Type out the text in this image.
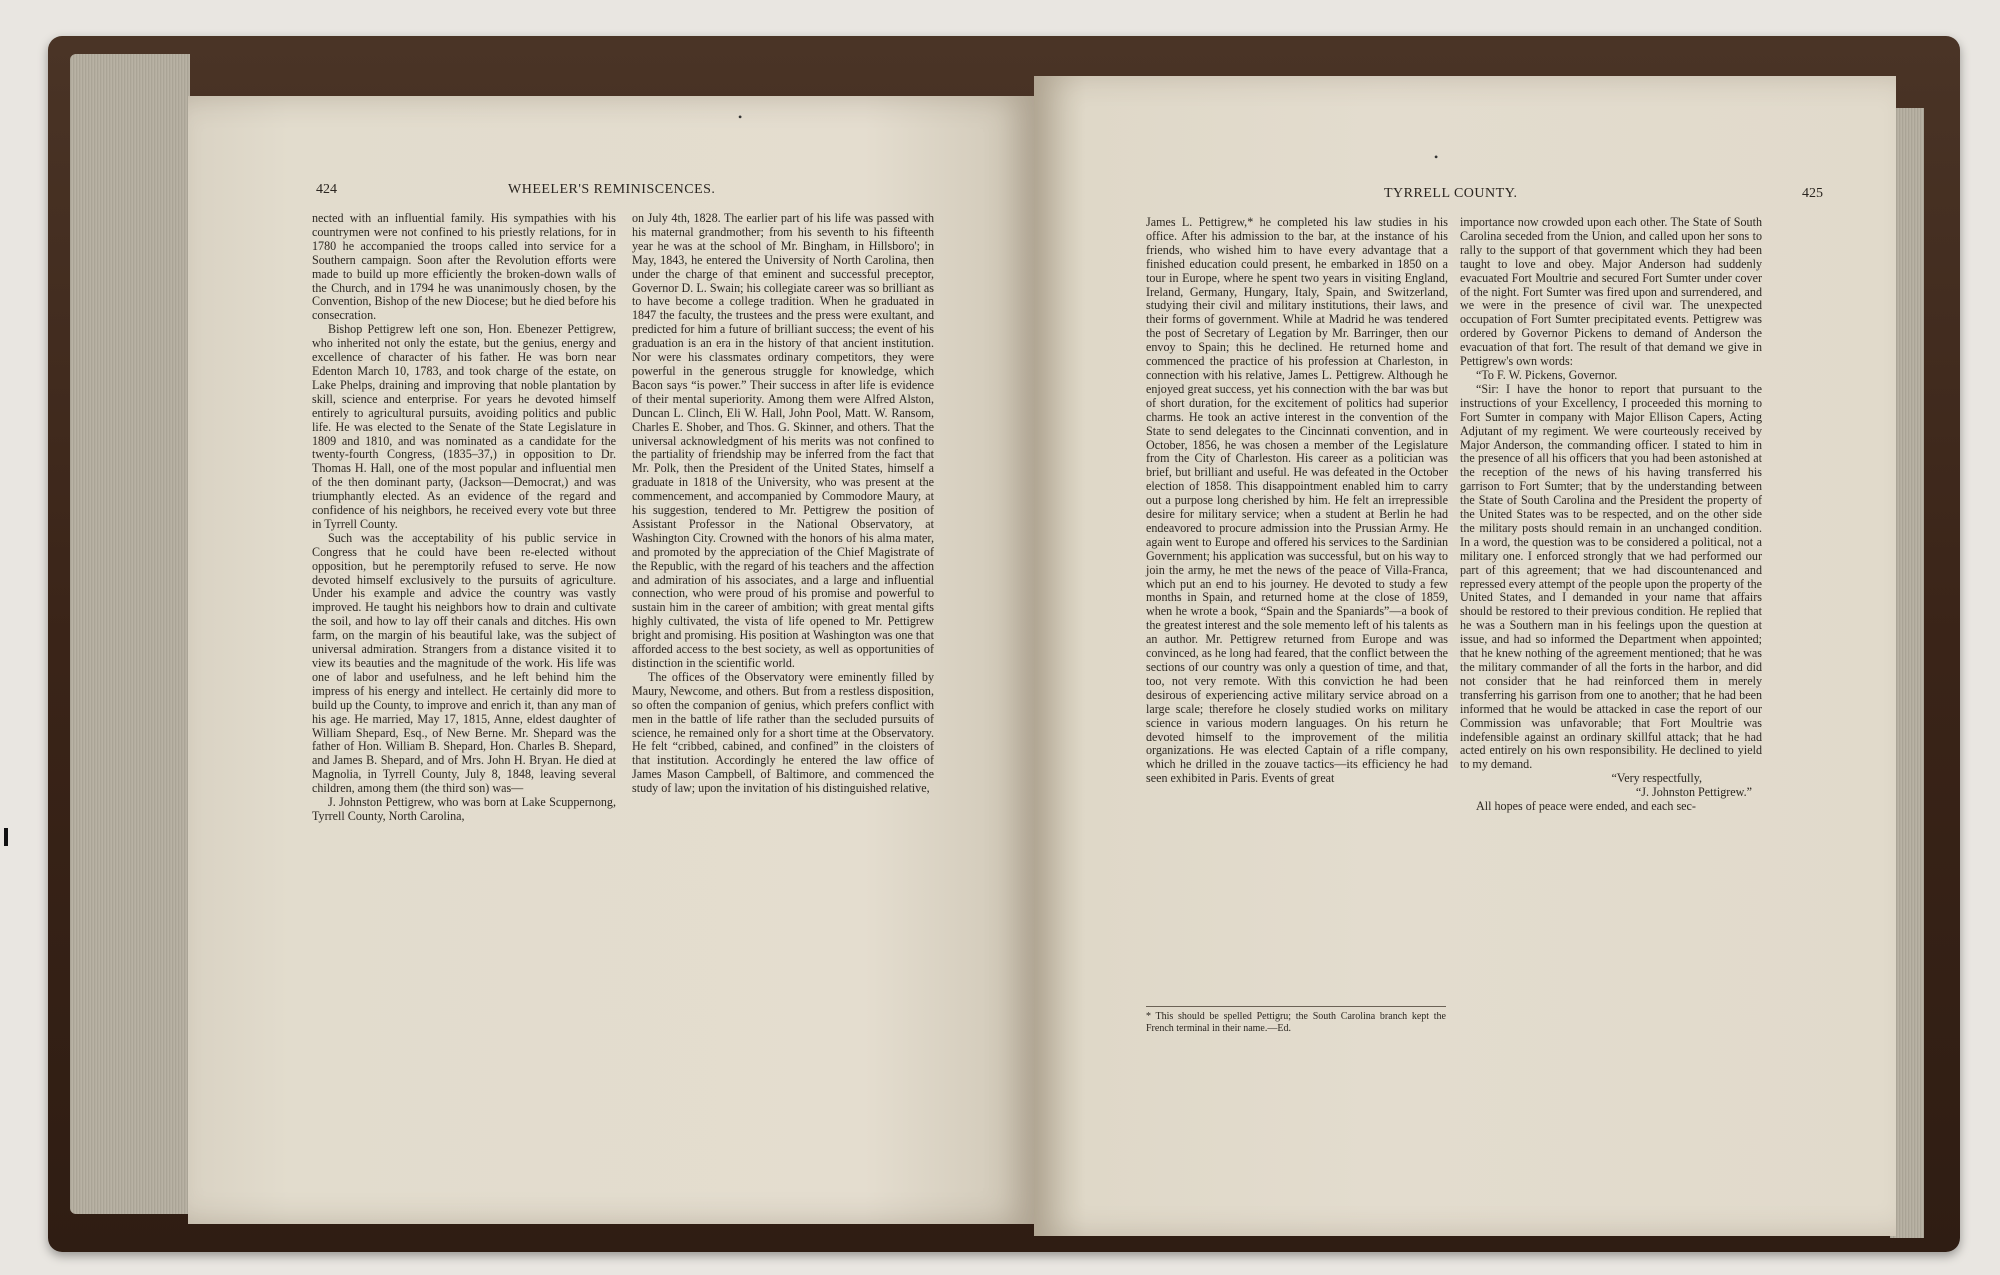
•
424	WHEELER'S REMINISCENCES.

nected with an influential family. His sympathies with his countrymen were not confined to his priestly relations, for in 1780 he accompanied the troops called into service for a Southern campaign. Soon after the Revolution efforts were made to build up more efficiently the broken-down walls of the Church, and in 1794 he was unanimously chosen, by the Convention, Bishop of the new Diocese; but he died before his consecration.

Bishop Pettigrew left one son, Hon. Ebenezer Pettigrew, who inherited not only the estate, but the genius, energy and excellence of character of his father. He was born near Edenton March 10, 1783, and took charge of the estate, on Lake Phelps, draining and improving that noble plantation by skill, science and enterprise. For years he devoted himself entirely to agricultural pursuits, avoiding politics and public life. He was elected to the Senate of the State Legislature in 1809 and 1810, and was nominated as a candidate for the twenty-fourth Congress, (1835–37,) in opposition to Dr. Thomas H. Hall, one of the most popular and influential men of the then dominant party, (Jackson—Democrat,) and was triumphantly elected. As an evidence of the regard and confidence of his neighbors, he received every vote but three in Tyrrell County.

Such was the acceptability of his public service in Congress that he could have been re-elected without opposition, but he peremptorily refused to serve. He now devoted himself exclusively to the pursuits of agriculture. Under his example and advice the country was vastly improved. He taught his neighbors how to drain and cultivate the soil, and how to lay off their canals and ditches. His own farm, on the margin of his beautiful lake, was the subject of universal admiration. Strangers from a distance visited it to view its beauties and the magnitude of the work. His life was one of labor and usefulness, and he left behind him the impress of his energy and intellect. He certainly did more to build up the County, to improve and enrich it, than any man of his age. He married, May 17, 1815, Anne, eldest daughter of William Shepard, Esq., of New Berne. Mr. Shepard was the father of Hon. William B. Shepard, Hon. Charles B. Shepard, and James B. Shepard, and of Mrs. John H. Bryan. He died at Magnolia, in Tyrrell County, July 8, 1848, leaving several children, among them (the third son) was—

J. Johnston Pettigrew, who was born at Lake Scuppernong, Tyrrell County, North Carolina,

on July 4th, 1828. The earlier part of his life was passed with his maternal grandmother; from his seventh to his fifteenth year he was at the school of Mr. Bingham, in Hillsboro'; in May, 1843, he entered the University of North Carolina, then under the charge of that eminent and successful preceptor, Governor D. L. Swain; his collegiate career was so brilliant as to have become a college tradition. When he graduated in 1847 the faculty, the trustees and the press were exultant, and predicted for him a future of brilliant success; the event of his graduation is an era in the history of that ancient institution. Nor were his classmates ordinary competitors, they were powerful in the generous struggle for knowledge, which Bacon says “is power.” Their success in after life is evidence of their mental superiority. Among them were Alfred Alston, Duncan L. Clinch, Eli W. Hall, John Pool, Matt. W. Ransom, Charles E. Shober, and Thos. G. Skinner, and others. That the universal acknowledgment of his merits was not confined to the partiality of friendship may be inferred from the fact that Mr. Polk, then the President of the United States, himself a graduate in 1818 of the University, who was present at the commencement, and accompanied by Commodore Maury, at his suggestion, tendered to Mr. Pettigrew the position of Assistant Professor in the National Observatory, at Washington City. Crowned with the honors of his alma mater, and promoted by the appreciation of the Chief Magistrate of the Republic, with the regard of his teachers and the affection and admiration of his associates, and a large and influential connection, who were proud of his promise and powerful to sustain him in the career of ambition; with great mental gifts highly cultivated, the vista of life opened to Mr. Pettigrew bright and promising. His position at Washington was one that afforded access to the best society, as well as opportunities of distinction in the scientific world.

The offices of the Observatory were eminently filled by Maury, Newcome, and others. But from a restless disposition, so often the companion of genius, which prefers conflict with men in the battle of life rather than the secluded pursuits of science, he remained only for a short time at the Observatory. He felt “cribbed, cabined, and confined” in the cloisters of that institution. Accordingly he entered the law office of James Mason Campbell, of Baltimore, and commenced the study of law; upon the invitation of his distinguished relative,

•
TYRRELL COUNTY.	425

James L. Pettigrew,* he completed his law studies in his office. After his admission to the bar, at the instance of his friends, who wished him to have every advantage that a finished education could present, he embarked in 1850 on a tour in Europe, where he spent two years in visiting England, Ireland, Germany, Hungary, Italy, Spain, and Switzerland, studying their civil and military institutions, their laws, and their forms of government. While at Madrid he was tendered the post of Secretary of Legation by Mr. Barringer, then our envoy to Spain; this he declined. He returned home and commenced the practice of his profession at Charleston, in connection with his relative, James L. Pettigrew. Although he enjoyed great success, yet his connection with the bar was but of short duration, for the excitement of politics had superior charms. He took an active interest in the convention of the State to send delegates to the Cincinnati convention, and in October, 1856, he was chosen a member of the Legislature from the City of Charleston. His career as a politician was brief, but brilliant and useful. He was defeated in the October election of 1858. This disappointment enabled him to carry out a purpose long cherished by him. He felt an irrepressible desire for military service; when a student at Berlin he had endeavored to procure admission into the Prussian Army. He again went to Europe and offered his services to the Sardinian Government; his application was successful, but on his way to join the army, he met the news of the peace of Villa-Franca, which put an end to his journey. He devoted to study a few months in Spain, and returned home at the close of 1859, when he wrote a book, “Spain and the Spaniards”—a book of the greatest interest and the sole memento left of his talents as an author. Mr. Pettigrew returned from Europe and was convinced, as he long had feared, that the conflict between the sections of our country was only a question of time, and that, too, not very remote. With this conviction he had been desirous of experiencing active military service abroad on a large scale; therefore he closely studied works on military science in various modern languages. On his return he devoted himself to the improvement of the militia organizations. He was elected Captain of a rifle company, which he drilled in the zouave tactics—its efficiency he had seen exhibited in Paris. Events of great

* This should be spelled Pettigru; the South Carolina branch kept the French terminal in their name.—Ed.

importance now crowded upon each other. The State of South Carolina seceded from the Union, and called upon her sons to rally to the support of that government which they had been taught to love and obey. Major Anderson had suddenly evacuated Fort Moultrie and secured Fort Sumter under cover of the night. Fort Sumter was fired upon and surrendered, and we were in the presence of civil war. The unexpected occupation of Fort Sumter precipitated events. Pettigrew was ordered by Governor Pickens to demand of Anderson the evacuation of that fort. The result of that demand we give in Pettigrew's own words:

“To F. W. Pickens, Governor.

“Sir: I have the honor to report that pursuant to the instructions of your Excellency, I proceeded this morning to Fort Sumter in company with Major Ellison Capers, Acting Adjutant of my regiment. We were courteously received by Major Anderson, the commanding officer. I stated to him in the presence of all his officers that you had been astonished at the reception of the news of his having transferred his garrison to Fort Sumter; that by the understanding between the State of South Carolina and the President the property of the United States was to be respected, and on the other side the military posts should remain in an unchanged condition. In a word, the question was to be considered a political, not a military one. I enforced strongly that we had performed our part of this agreement; that we had discountenanced and repressed every attempt of the people upon the property of the United States, and I demanded in your name that affairs should be restored to their previous condition. He replied that he was a Southern man in his feelings upon the question at issue, and had so informed the Department when appointed; that he knew nothing of the agreement mentioned; that he was the military commander of all the forts in the harbor, and did not consider that he had reinforced them in merely transferring his garrison from one to another; that he had been informed that he would be attacked in case the report of our Commission was unfavorable; that Fort Moultrie was indefensible against an ordinary skillful attack; that he had acted entirely on his own responsibility. He declined to yield to my demand.

“Very respectfully,

“J. Johnston Pettigrew.”

All hopes of peace were ended, and each sec-
